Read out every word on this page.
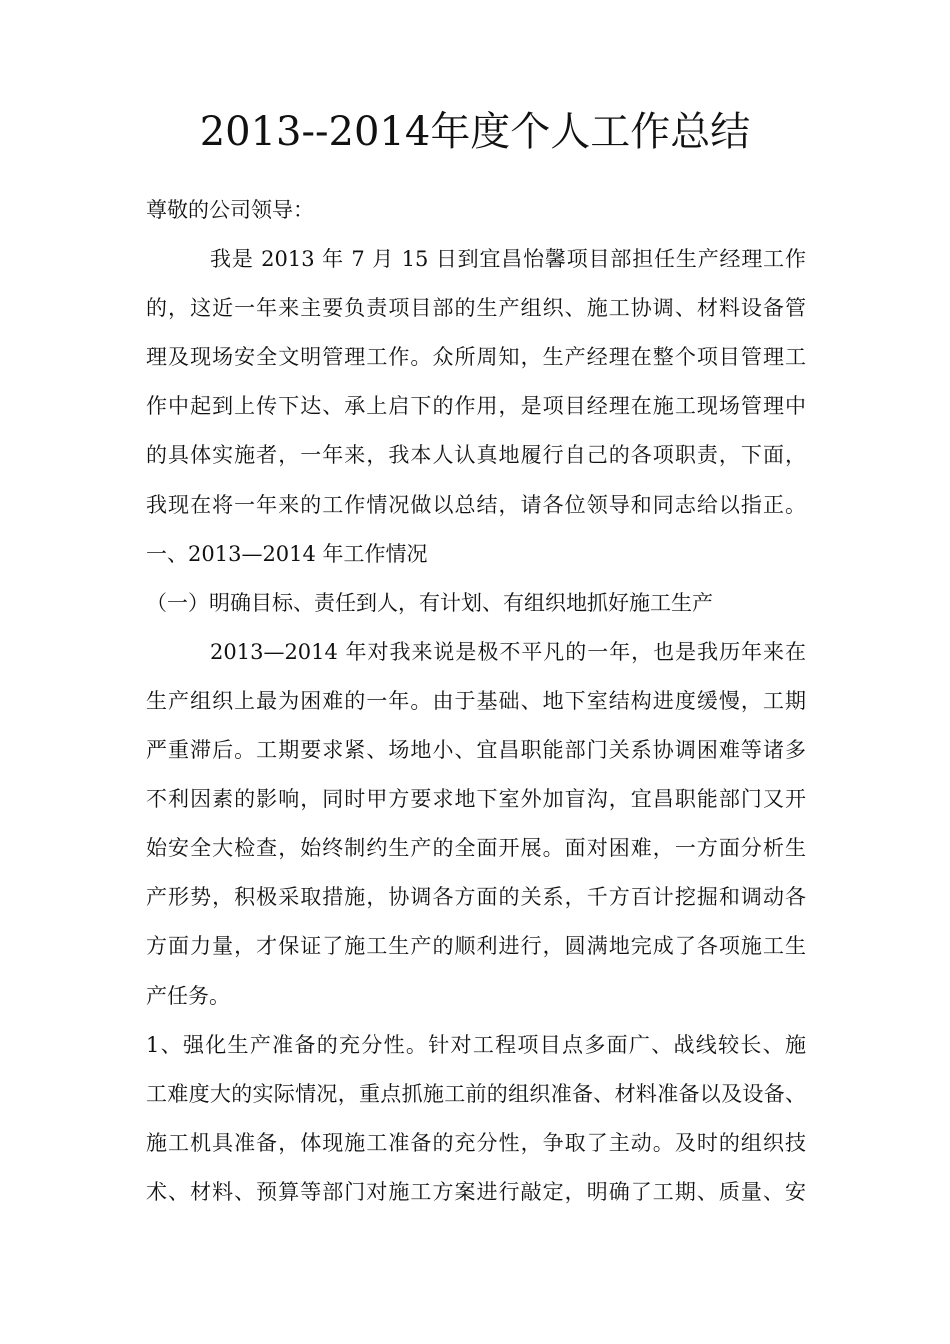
2013--2014年度个人工作总结
尊敬的公司领导：
我是 2013 年 7 月 15 日到宜昌怡馨项目部担任生产经理工作
的，这近一年来主要负责项目部的生产组织、施工协调、材料设备管
理及现场安全文明管理工作。众所周知，生产经理在整个项目管理工
作中起到上传下达、承上启下的作用，是项目经理在施工现场管理中
的具体实施者，一年来，我本人认真地履行自己的各项职责，下面，
我现在将一年来的工作情况做以总结，请各位领导和同志给以指正。
一、2013—2014 年工作情况
（一）明确目标、责任到人，有计划、有组织地抓好施工生产
2013—2014 年对我来说是极不平凡的一年，也是我历年来在
生产组织上最为困难的一年。由于基础、地下室结构进度缓慢，工期
严重滞后。工期要求紧、场地小、宜昌职能部门关系协调困难等诸多
不利因素的影响，同时甲方要求地下室外加盲沟，宜昌职能部门又开
始安全大检查，始终制约生产的全面开展。面对困难，一方面分析生
产形势，积极采取措施，协调各方面的关系，千方百计挖掘和调动各
方面力量，才保证了施工生产的顺利进行，圆满地完成了各项施工生
产任务。
1、强化生产准备的充分性。针对工程项目点多面广、战线较长、施
工难度大的实际情况，重点抓施工前的组织准备、材料准备以及设备、
施工机具准备，体现施工准备的充分性，争取了主动。及时的组织技
术、材料、预算等部门对施工方案进行敲定，明确了工期、质量、安
